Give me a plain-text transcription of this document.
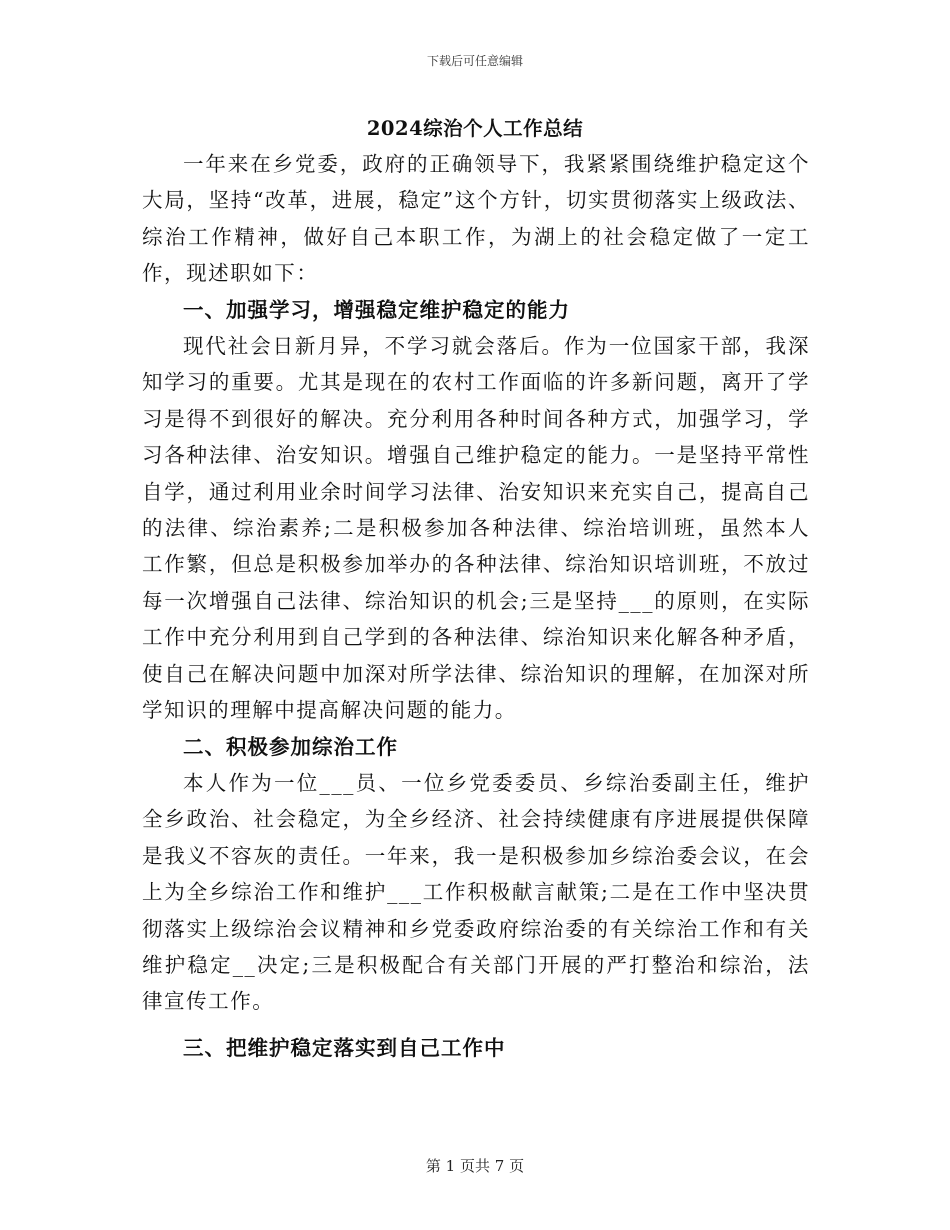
下载后可任意编辑
2024综治个人工作总结

一年来在乡党委，政府的正确领导下，我紧紧围绕维护稳定这个大局，坚持“改革，进展，稳定”这个方针，切实贯彻落实上级政法、综治工作精神，做好自己本职工作，为湖上的社会稳定做了一定工作，现述职如下：

一、加强学习，增强稳定维护稳定的能力

现代社会日新月异，不学习就会落后。作为一位国家干部，我深知学习的重要。尤其是现在的农村工作面临的许多新问题，离开了学习是得不到很好的解决。充分利用各种时间各种方式，加强学习，学习各种法律、治安知识。增强自己维护稳定的能力。一是坚持平常性自学，通过利用业余时间学习法律、治安知识来充实自己，提高自己的法律、综治素养;二是积极参加各种法律、综治培训班，虽然本人工作繁，但总是积极参加举办的各种法律、综治知识培训班，不放过每一次增强自己法律、综治知识的机会;三是坚持___的原则，在实际工作中充分利用到自己学到的各种法律、综治知识来化解各种矛盾，使自己在解决问题中加深对所学法律、综治知识的理解，在加深对所学知识的理解中提高解决问题的能力。

二、积极参加综治工作

本人作为一位___员、一位乡党委委员、乡综治委副主任，维护全乡政治、社会稳定，为全乡经济、社会持续健康有序进展提供保障是我义不容灰的责任。一年来，我一是积极参加乡综治委会议，在会上为全乡综治工作和维护___工作积极献言献策;二是在工作中坚决贯彻落实上级综治会议精神和乡党委政府综治委的有关综治工作和有关维护稳定__决定;三是积极配合有关部门开展的严打整治和综治，法律宣传工作。

三、把维护稳定落实到自己工作中

第 1 页共 7 页
